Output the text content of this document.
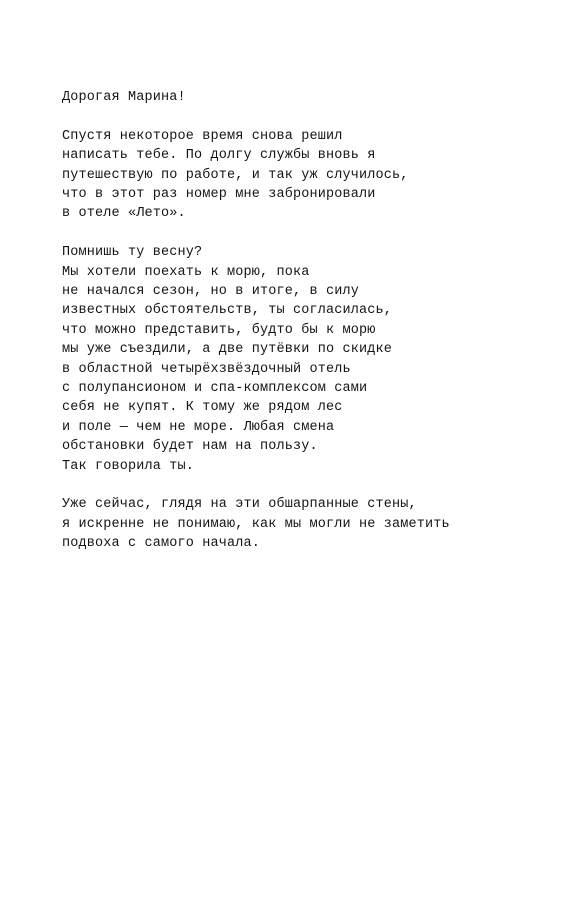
Дорогая Марина!

Спустя некоторое время снова решил
написать тебе. По долгу службы вновь я
путешествую по работе, и так уж случилось,
что в этот раз номер мне забронировали
в отеле «Лето».

Помнишь ту весну?
Мы хотели поехать к морю, пока
не начался сезон, но в итоге, в силу
известных обстоятельств, ты согласилась,
что можно представить, будто бы к морю
мы уже съездили, а две путёвки по скидке
в областной четырёхзвёздочный отель
с полупансионом и спа-комплексом сами
себя не купят. К тому же рядом лес
и поле — чем не море. Любая смена
обстановки будет нам на пользу.
Так говорила ты.

Уже сейчас, глядя на эти обшарпанные стены,
я искренне не понимаю, как мы могли не заметить
подвоха с самого начала.
